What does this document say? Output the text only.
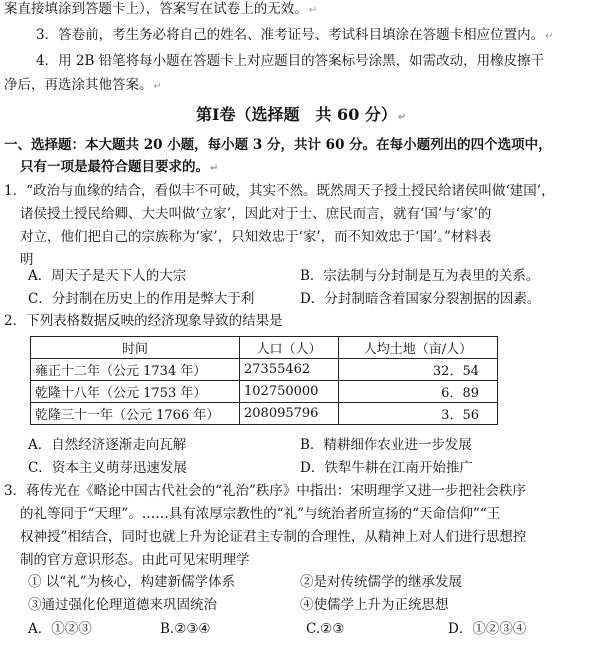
案直接填涂到答题卡上），答案写在试卷上的无效。↵
3．答卷前，考生务必将自己的姓名、准考证号、考试科目填涂在答题卡相应位置内。↵
4．用 2B 铅笔将每小题在答题卡上对应题目的答案标号涂黑，如需改动，用橡皮擦干
净后，再选涂其他答案。↵
第Ⅰ卷（选择题　共 60 分）↵
一、选择题：本大题共 20 小题，每小题 3 分，共计 60 分。在每小题列出的四个选项中，
只有一项是最符合题目要求的。↵
1．“政治与血缘的结合，看似丰不可破，其实不然。既然周天子授土授民给诸侯叫做‘建国’，
诸侯授土授民给卿、大夫叫做‘立家’，因此对于士、庶民而言，就有‘国’与‘家’的
对立，他们把自己的宗族称为‘家’，只知效忠于‘家’，而不知效忠于‘国’。”材料表
明
A．周天子是天下人的大宗	B．宗法制与分封制是互为表里的关系。
C．分封制在历史上的作用是弊大于利	D．分封制暗含着国家分裂割据的因素。
2．下列表格数据反映的经济现象导致的结果是
时间	人口（人）	人均土地（亩/人）
雍正十二年（公元 1734 年）	27355462	32．54
乾隆十八年（公元 1753 年）	102750000	6．89
乾隆三十一年（公元 1766 年）	208095796	3．56
A．自然经济逐渐走向瓦解	B．精耕细作农业进一步发展
C．资本主义萌芽迅速发展	D．铁犁牛耕在江南开始推广
3．蒋传光在《略论中国古代社会的“礼治”秩序》中指出：宋明理学又进一步把社会秩序
的礼等同于“天理”。……具有浓厚宗教性的“礼”与统治者所宣扬的“天命信仰”“王
权神授”相结合，同时也就上升为论证君主专制的合理性，从精神上对人们进行思想控
制的官方意识形态。由此可见宋明理学
① 以“礼”为核心，构建新儒学体系	②是对传统儒学的继承发展
③通过强化伦理道德来巩固统治	④使儒学上升为正统思想
A．①②③	B.②③④	C.②③	D．①②③④
